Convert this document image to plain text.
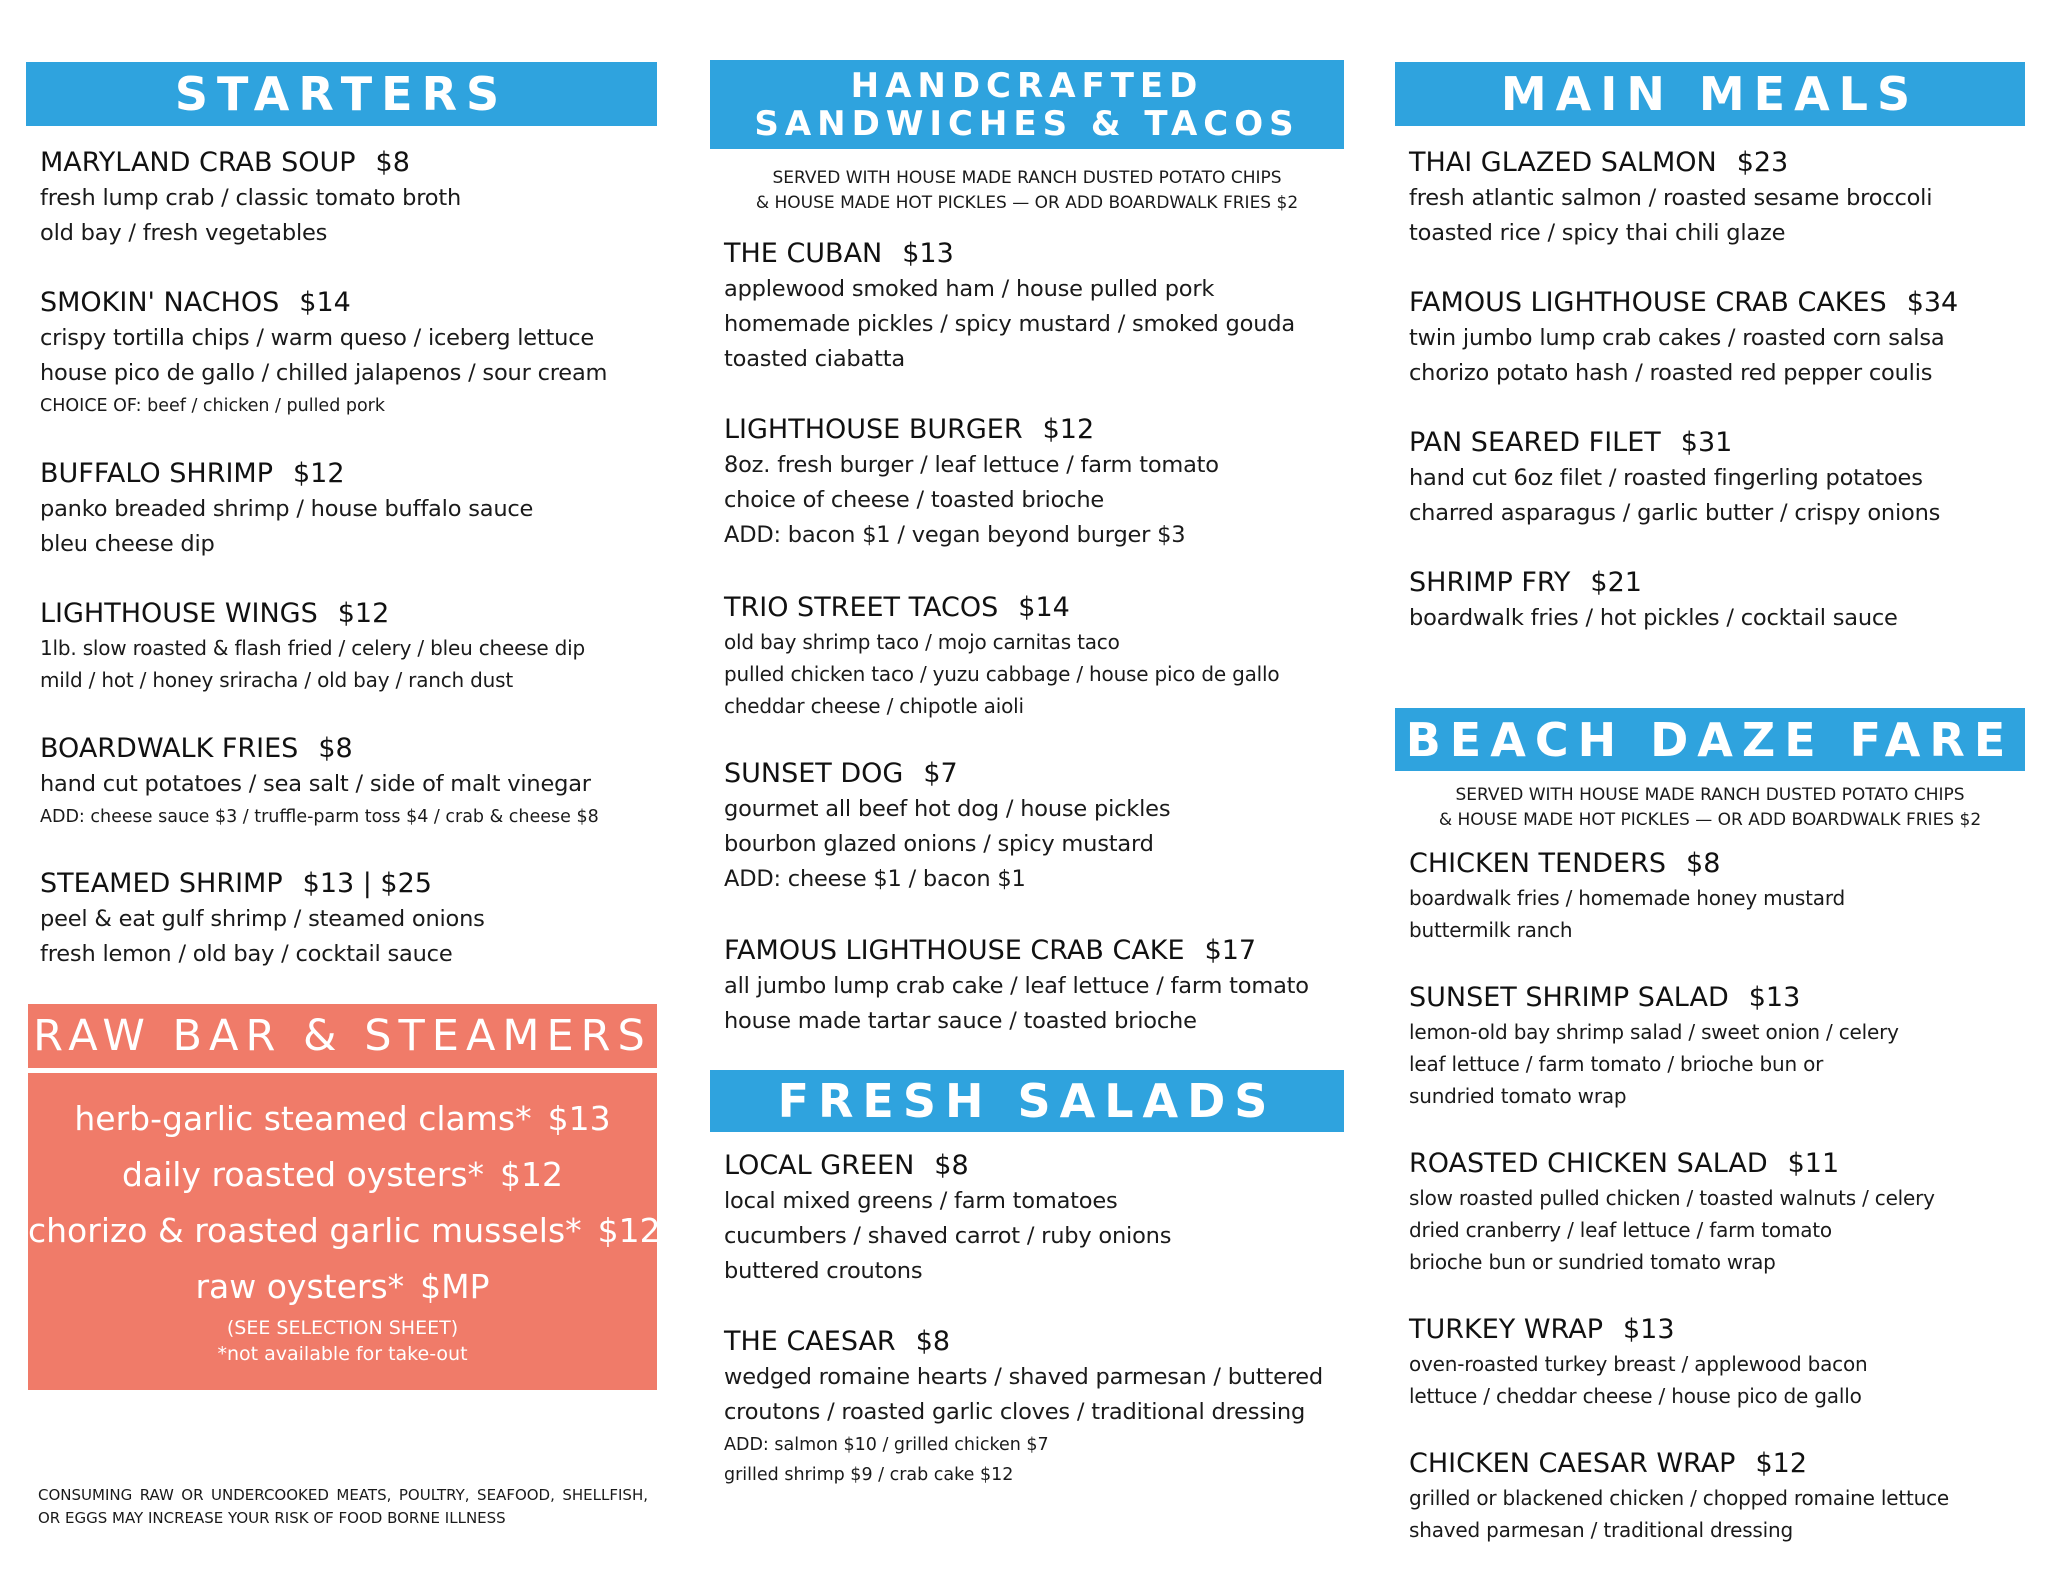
STARTERS
MARYLAND CRAB SOUP $8
fresh lump crab / classic tomato broth
old bay / fresh vegetables
SMOKIN' NACHOS $14
crispy tortilla chips / warm queso / iceberg lettuce
house pico de gallo / chilled jalapenos / sour cream
CHOICE OF: beef / chicken / pulled pork
BUFFALO SHRIMP $12
panko breaded shrimp / house buffalo sauce
bleu cheese dip
LIGHTHOUSE WINGS $12
1lb. slow roasted & flash fried / celery / bleu cheese dip
mild / hot / honey sriracha / old bay / ranch dust
BOARDWALK FRIES $8
hand cut potatoes / sea salt / side of malt vinegar
ADD: cheese sauce $3 / truffle-parm toss $4 / crab & cheese $8
STEAMED SHRIMP $13 | $25
peel & eat gulf shrimp / steamed onions
fresh lemon / old bay / cocktail sauce
RAW BAR & STEAMERS
herb-garlic steamed clams* $13
daily roasted oysters* $12
chorizo & roasted garlic mussels* $12
raw oysters* $MP
(SEE SELECTION SHEET)
*not available for take-out
CONSUMING RAW OR UNDERCOOKED MEATS, POULTRY, SEAFOOD, SHELLFISH, OR EGGS MAY INCREASE YOUR RISK OF FOOD BORNE ILLNESS
HANDCRAFTED
SANDWICHES & TACOS
SERVED WITH HOUSE MADE RANCH DUSTED POTATO CHIPS
& HOUSE MADE HOT PICKLES — OR ADD BOARDWALK FRIES $2
THE CUBAN $13
applewood smoked ham / house pulled pork
homemade pickles / spicy mustard / smoked gouda
toasted ciabatta
LIGHTHOUSE BURGER $12
8oz. fresh burger / leaf lettuce / farm tomato
choice of cheese / toasted brioche
ADD: bacon $1 / vegan beyond burger $3
TRIO STREET TACOS $14
old bay shrimp taco / mojo carnitas taco
pulled chicken taco / yuzu cabbage / house pico de gallo
cheddar cheese / chipotle aioli
SUNSET DOG $7
gourmet all beef hot dog / house pickles
bourbon glazed onions / spicy mustard
ADD: cheese $1 / bacon $1
FAMOUS LIGHTHOUSE CRAB CAKE $17
all jumbo lump crab cake / leaf lettuce / farm tomato
house made tartar sauce / toasted brioche
FRESH SALADS
LOCAL GREEN $8
local mixed greens / farm tomatoes
cucumbers / shaved carrot / ruby onions
buttered croutons
THE CAESAR $8
wedged romaine hearts / shaved parmesan / buttered
croutons / roasted garlic cloves / traditional dressing
ADD: salmon $10 / grilled chicken $7
grilled shrimp $9 / crab cake $12
MAIN MEALS
THAI GLAZED SALMON $23
fresh atlantic salmon / roasted sesame broccoli
toasted rice / spicy thai chili glaze
FAMOUS LIGHTHOUSE CRAB CAKES $34
twin jumbo lump crab cakes / roasted corn salsa
chorizo potato hash / roasted red pepper coulis
PAN SEARED FILET $31
hand cut 6oz filet / roasted fingerling potatoes
charred asparagus / garlic butter / crispy onions
SHRIMP FRY $21
boardwalk fries / hot pickles / cocktail sauce
BEACH DAZE FARE
SERVED WITH HOUSE MADE RANCH DUSTED POTATO CHIPS
& HOUSE MADE HOT PICKLES — OR ADD BOARDWALK FRIES $2
CHICKEN TENDERS $8
boardwalk fries / homemade honey mustard
buttermilk ranch
SUNSET SHRIMP SALAD $13
lemon-old bay shrimp salad / sweet onion / celery
leaf lettuce / farm tomato / brioche bun or
sundried tomato wrap
ROASTED CHICKEN SALAD $11
slow roasted pulled chicken / toasted walnuts / celery
dried cranberry / leaf lettuce / farm tomato
brioche bun or sundried tomato wrap
TURKEY WRAP $13
oven-roasted turkey breast / applewood bacon
lettuce / cheddar cheese / house pico de gallo
CHICKEN CAESAR WRAP $12
grilled or blackened chicken / chopped romaine lettuce
shaved parmesan / traditional dressing
